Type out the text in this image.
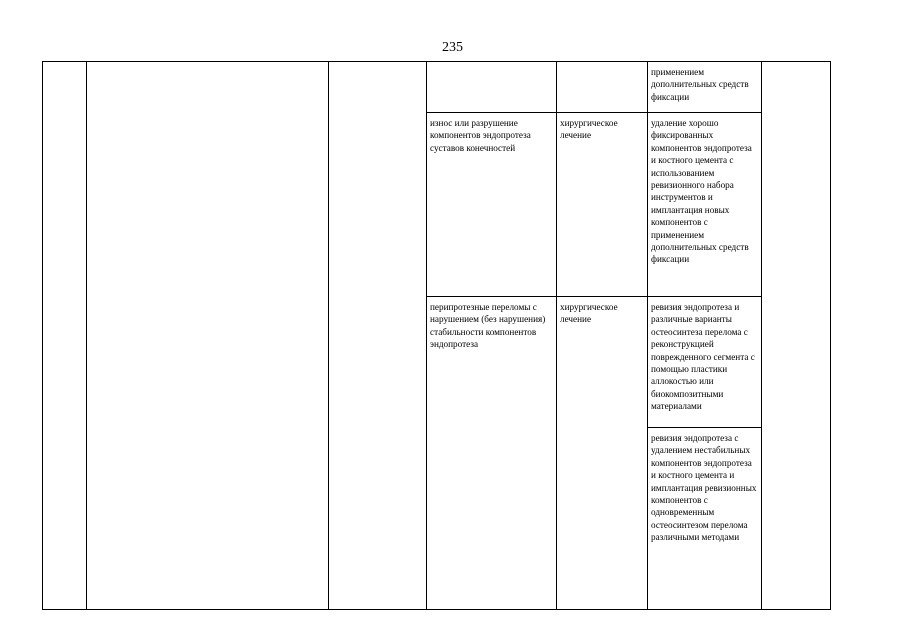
235
					применением дополнительных средств фиксации	
			износ или разрушение компонентов эндопротеза суставов конечностей	хирургическое лечение	удаление хорошо фиксированных компонентов эндопротеза и костного цемента с использованием ревизионного набора инструментов и имплантация новых компонентов с применением дополнительных средств фиксации	
			перипротезные переломы с нарушением (без нарушения) стабильности компонентов эндопротеза	хирургическое лечение	ревизия эндопротеза и различные варианты остеосинтеза перелома с реконструкцией поврежденного сегмента с помощью пластики аллокостью или биокомпозитными материалами	
					ревизия эндопротеза с удалением нестабильных компонентов эндопротеза и костного цемента и имплантация ревизионных компонентов с одновременным остеосинтезом перелома различными методами	
